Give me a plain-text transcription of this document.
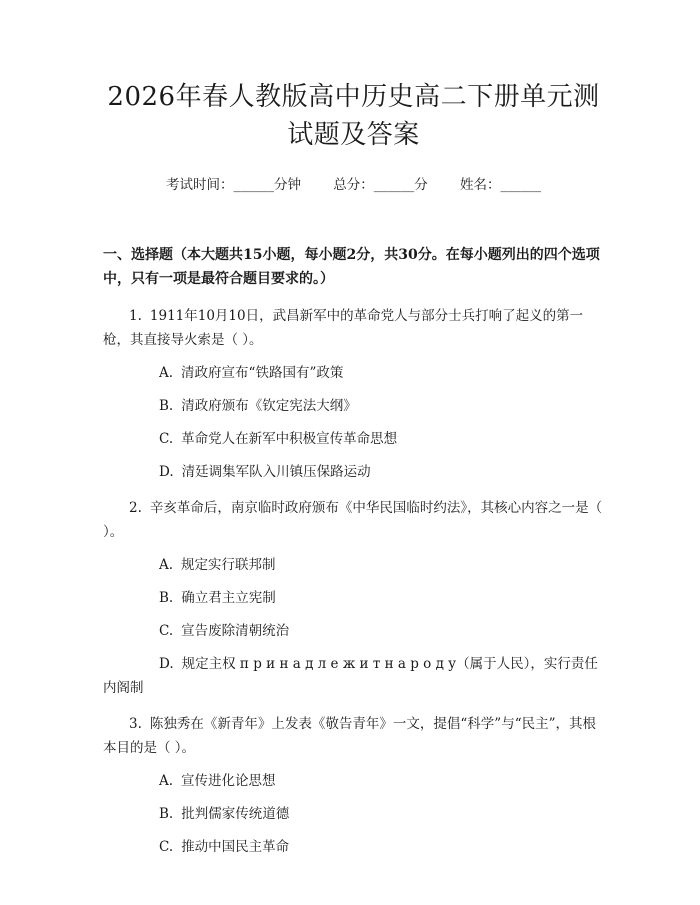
2026年春人教版高中历史高二下册单元测试题及答案
考试时间：______分钟 总分：______分 姓名：______
一、选择题（本大题共15小题，每小题2分，共30分。在每小题列出的四个选项中，只有一项是最符合题目要求的。）
1. 1911年10月10日，武昌新军中的革命党人与部分士兵打响了起义的第一枪，其直接导火索是（ ）。
A. 清政府宣布“铁路国有”政策
B. 清政府颁布《钦定宪法大纲》
C. 革命党人在新军中积极宣传革命思想
D. 清廷调集军队入川镇压保路运动
2. 辛亥革命后，南京临时政府颁布《中华民国临时约法》，其核心内容之一是（ ）。
A. 规定实行联邦制
B. 确立君主立宪制
C. 宣告废除清朝统治
D. 规定主权 п р и н а д л е ж и т н а р о д у（属于人民），实行责任内阁制
3. 陈独秀在《新青年》上发表《敬告青年》一文，提倡“科学”与“民主”，其根本目的是（ ）。
A. 宣传进化论思想
B. 批判儒家传统道德
C. 推动中国民主革命
